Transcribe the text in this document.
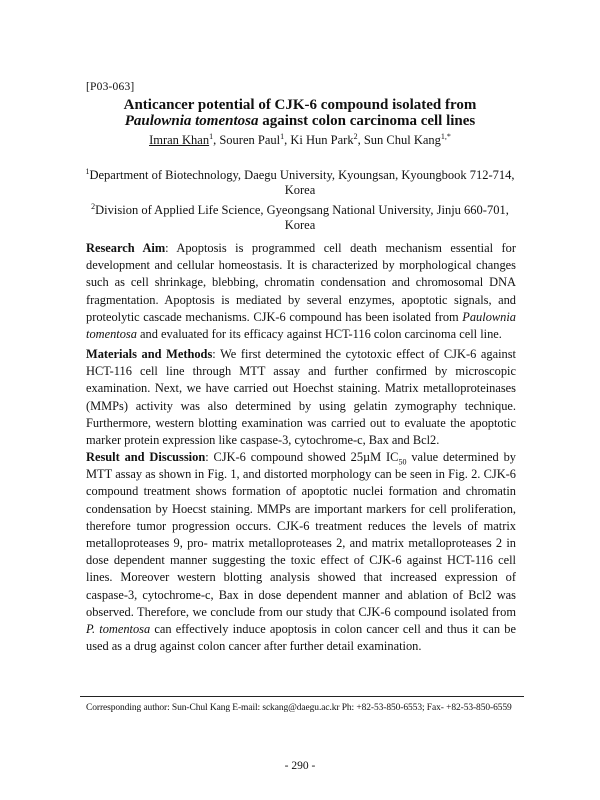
[P03-063]
Anticancer potential of CJK-6 compound isolated from
Paulownia tomentosa against colon carcinoma cell lines
Imran Khan$^1$, Souren Paul$^1$, Ki Hun Park$^2$, Sun Chul Kang$^{1,*}$
$^1$Department of Biotechnology, Daegu University, Kyoungsan, Kyoungbook 712-714,
Korea
$^2$Division of Applied Life Science, Gyeongsang National University, Jinju 660-701,
Korea
Research Aim: Apoptosis is programmed cell death mechanism essential for development and cellular homeostasis. It is characterized by morphological changes such as cell shrinkage, blebbing, chromatin condensation and chromosomal DNA fragmentation. Apoptosis is mediated by several enzymes, apoptotic signals, and proteolytic cascade mechanisms. CJK-6 compound has been isolated from Paulownia tomentosa and evaluated for its efficacy against HCT-116 colon carcinoma cell line.
Materials and Methods: We first determined the cytotoxic effect of CJK-6 against HCT-116 cell line through MTT assay and further confirmed by microscopic examination. Next, we have carried out Hoechst staining. Matrix metalloproteinases (MMPs) activity was also determined by using gelatin zymography technique. Furthermore, western blotting examination was carried out to evaluate the apoptotic marker protein expression like caspase-3, cytochrome-c, Bax and Bcl2.
Result and Discussion: CJK-6 compound showed 25µM $IC_{50}$ value determined by MTT assay as shown in Fig. 1, and distorted morphology can be seen in Fig. 2. CJK-6 compound treatment shows formation of apoptotic nuclei formation and chromatin condensation by Hoecst staining. MMPs are important markers for cell proliferation, therefore tumor progression occurs. CJK-6 treatment reduces the levels of matrix metalloproteases 9, pro- matrix metalloproteases 2, and matrix metalloproteases 2 in dose dependent manner suggesting the toxic effect of CJK-6 against HCT-116 cell lines. Moreover western blotting analysis showed that increased expression of caspase-3, cytochrome-c, Bax in dose dependent manner and ablation of Bcl2 was observed. Therefore, we conclude from our study that CJK-6 compound isolated from P. tomentosa can effectively induce apoptosis in colon cancer cell and thus it can be used as a drug against colon cancer after further detail examination.
Corresponding author: Sun-Chul Kang E-mail: sckang@daegu.ac.kr Ph: +82-53-850-6553; Fax- +82-53-850-6559
- 290 -
